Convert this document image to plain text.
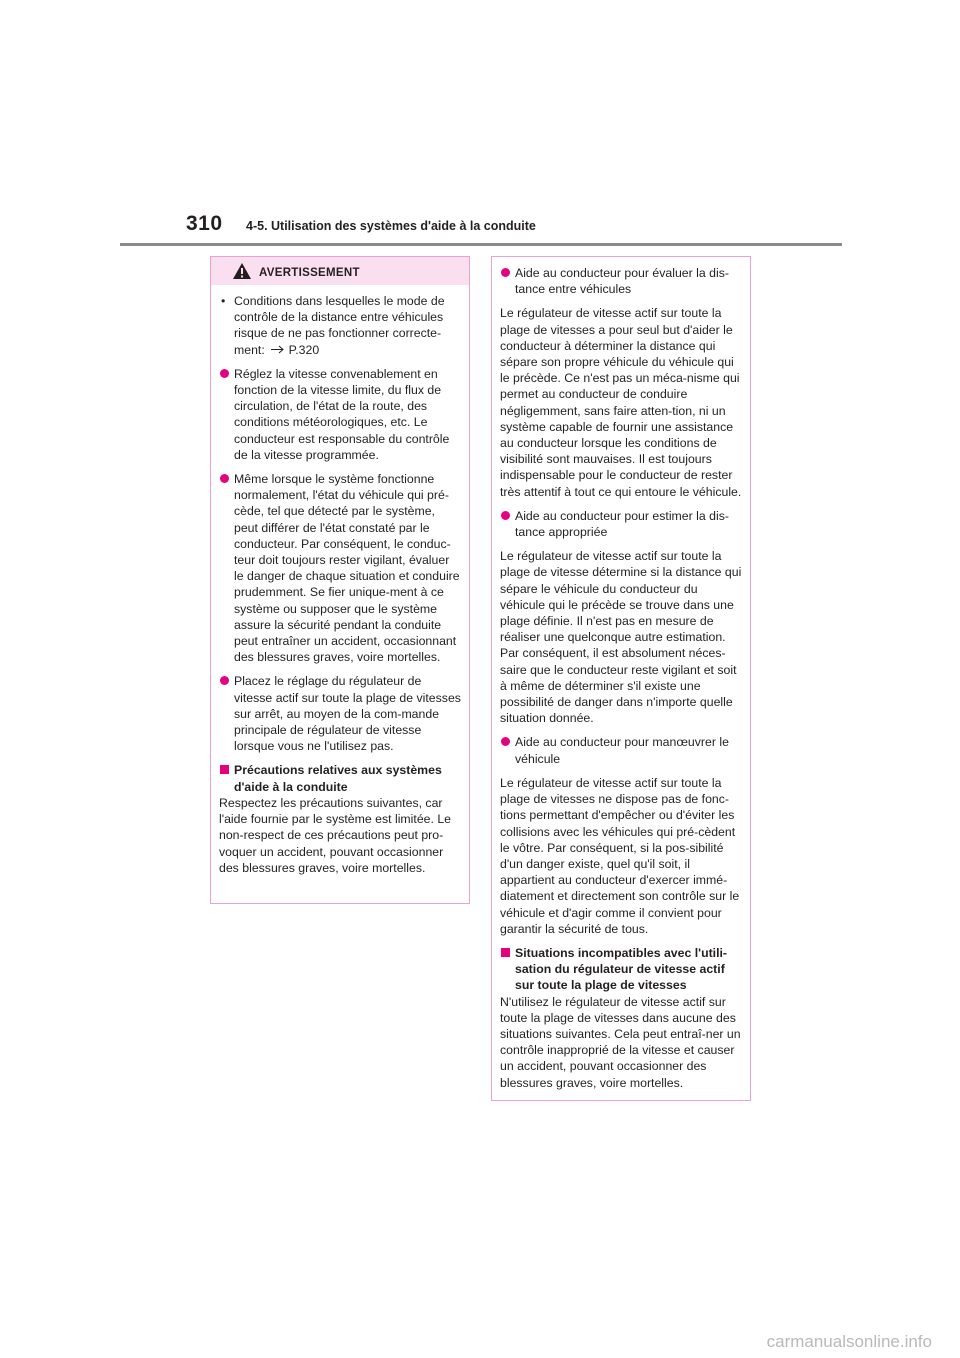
310 4-5. Utilisation des systèmes d'aide à la conduite
AVERTISSEMENT
• Conditions dans lesquelles le mode de contrôle de la distance entre véhicules risque de ne pas fonctionner correcte-ment: P.320
Réglez la vitesse convenablement en fonction de la vitesse limite, du flux de circulation, de l'état de la route, des conditions météorologiques, etc. Le conducteur est responsable du contrôle de la vitesse programmée.
Même lorsque le système fonctionne normalement, l'état du véhicule qui pré-cède, tel que détecté par le système, peut différer de l'état constaté par le conducteur. Par conséquent, le conduc-teur doit toujours rester vigilant, évaluer le danger de chaque situation et conduire prudemment. Se fier unique-ment à ce système ou supposer que le système assure la sécurité pendant la conduite peut entraîner un accident, occasionnant des blessures graves, voire mortelles.
Placez le réglage du régulateur de vitesse actif sur toute la plage de vitesses sur arrêt, au moyen de la com-mande principale de régulateur de vitesse lorsque vous ne l'utilisez pas.
Précautions relatives aux systèmes d'aide à la conduite
Respectez les précautions suivantes, car l'aide fournie par le système est limitée. Le non-respect de ces précautions peut pro-voquer un accident, pouvant occasionner des blessures graves, voire mortelles.
Aide au conducteur pour évaluer la dis-tance entre véhicules
Le régulateur de vitesse actif sur toute la plage de vitesses a pour seul but d'aider le conducteur à déterminer la distance qui sépare son propre véhicule du véhicule qui le précède. Ce n'est pas un méca-nisme qui permet au conducteur de conduire négligemment, sans faire atten-tion, ni un système capable de fournir une assistance au conducteur lorsque les conditions de visibilité sont mauvaises. Il est toujours indispensable pour le conducteur de rester très attentif à tout ce qui entoure le véhicule.
Aide au conducteur pour estimer la dis-tance appropriée
Le régulateur de vitesse actif sur toute la plage de vitesse détermine si la distance qui sépare le véhicule du conducteur du véhicule qui le précède se trouve dans une plage définie. Il n'est pas en mesure de réaliser une quelconque autre estimation. Par conséquent, il est absolument néces-saire que le conducteur reste vigilant et soit à même de déterminer s'il existe une possibilité de danger dans n'importe quelle situation donnée.
Aide au conducteur pour manœuvrer le véhicule
Le régulateur de vitesse actif sur toute la plage de vitesses ne dispose pas de fonc-tions permettant d'empêcher ou d'éviter les collisions avec les véhicules qui pré-cèdent le vôtre. Par conséquent, si la pos-sibilité d'un danger existe, quel qu'il soit, il appartient au conducteur d'exercer immé-diatement et directement son contrôle sur le véhicule et d'agir comme il convient pour garantir la sécurité de tous.
Situations incompatibles avec l'utili-sation du régulateur de vitesse actif sur toute la plage de vitesses
N'utilisez le régulateur de vitesse actif sur toute la plage de vitesses dans aucune des situations suivantes. Cela peut entraî-ner un contrôle inapproprié de la vitesse et causer un accident, pouvant occasionner des blessures graves, voire mortelles.
carmanualsonline.info
